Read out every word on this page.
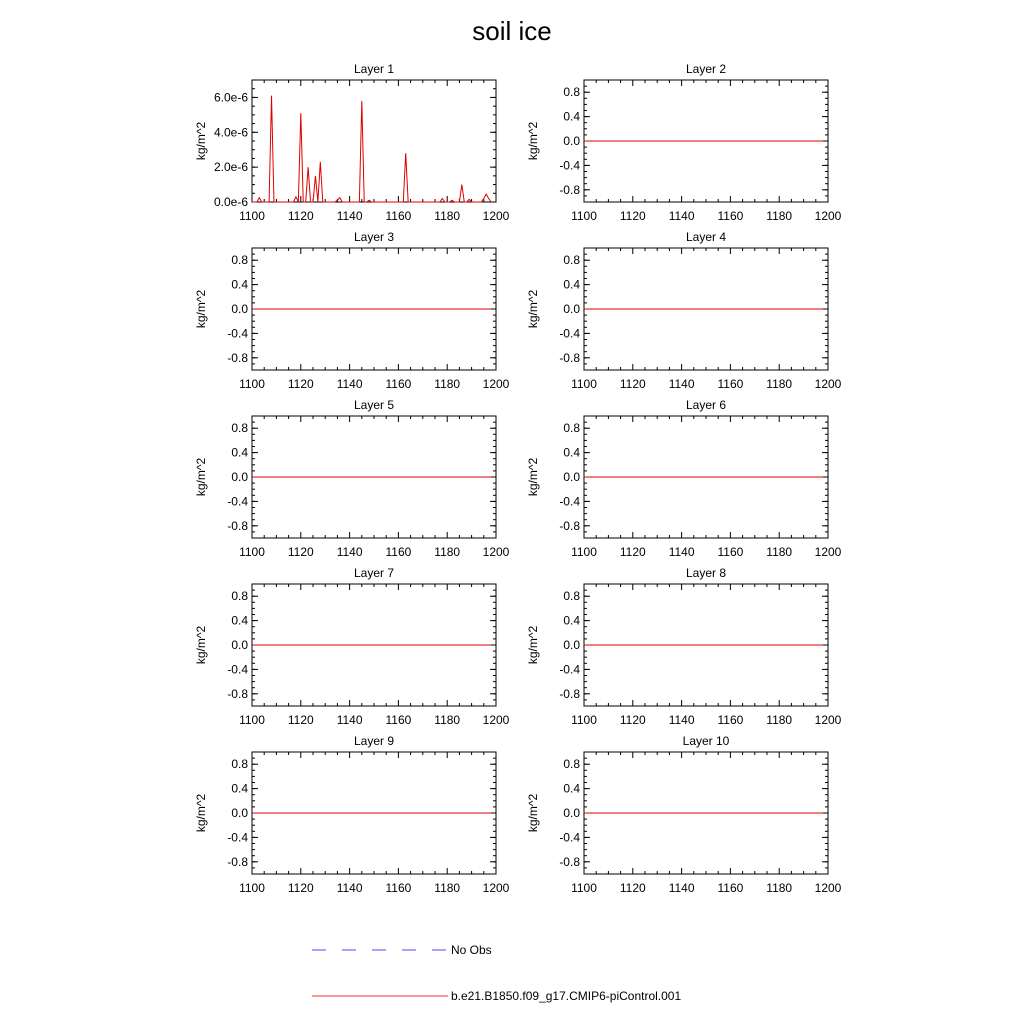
soil ice
Layer 1
1100 1120 1140 1160 1180 1200
0.0e-6
2.0e-6
4.0e-6
6.0e-6
kg/m^2
Layer 2
1100 1120 1140 1160 1180 1200
0.8
0.4
0.0
-0.4
-0.8
kg/m^2
Layer 3
1100 1120 1140 1160 1180 1200
0.8
0.4
0.0
-0.4
-0.8
kg/m^2
Layer 4
1100 1120 1140 1160 1180 1200
0.8
0.4
0.0
-0.4
-0.8
kg/m^2
Layer 5
1100 1120 1140 1160 1180 1200
0.8
0.4
0.0
-0.4
-0.8
kg/m^2
Layer 6
1100 1120 1140 1160 1180 1200
0.8
0.4
0.0
-0.4
-0.8
kg/m^2
Layer 7
1100 1120 1140 1160 1180 1200
0.8
0.4
0.0
-0.4
-0.8
kg/m^2
Layer 8
1100 1120 1140 1160 1180 1200
0.8
0.4
0.0
-0.4
-0.8
kg/m^2
Layer 9
1100 1120 1140 1160 1180 1200
0.8
0.4
0.0
-0.4
-0.8
kg/m^2
Layer 10
1100 1120 1140 1160 1180 1200
0.8
0.4
0.0
-0.4
-0.8
kg/m^2
No Obs
b.e21.B1850.f09_g17.CMIP6-piControl.001
